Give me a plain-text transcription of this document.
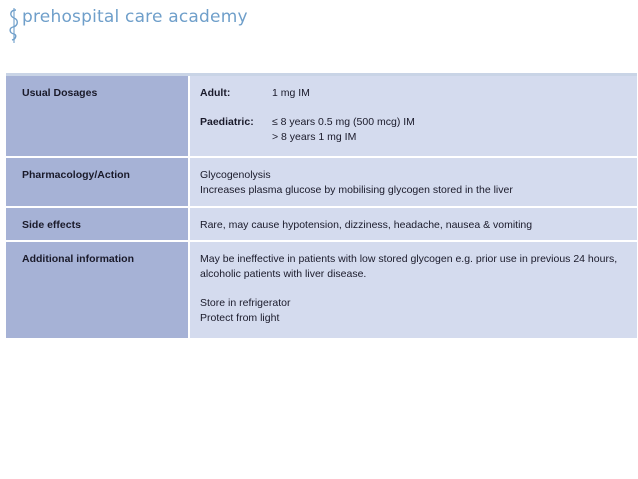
prehospital care academy
Usual Dosages	Adult: 1 mg IM
Paediatric: ≤ 8 years 0.5 mg (500 mcg) IM
> 8 years 1 mg IM

Pharmacology/Action	Glycogenolysis
Increases plasma glucose by mobilising glycogen stored in the liver

Side effects	Rare, may cause hypotension, dizziness, headache, nausea & vomiting

Additional information	May be ineffective in patients with low stored glycogen e.g. prior use in previous 24 hours,
alcoholic patients with liver disease.
Store in refrigerator
Protect from light
